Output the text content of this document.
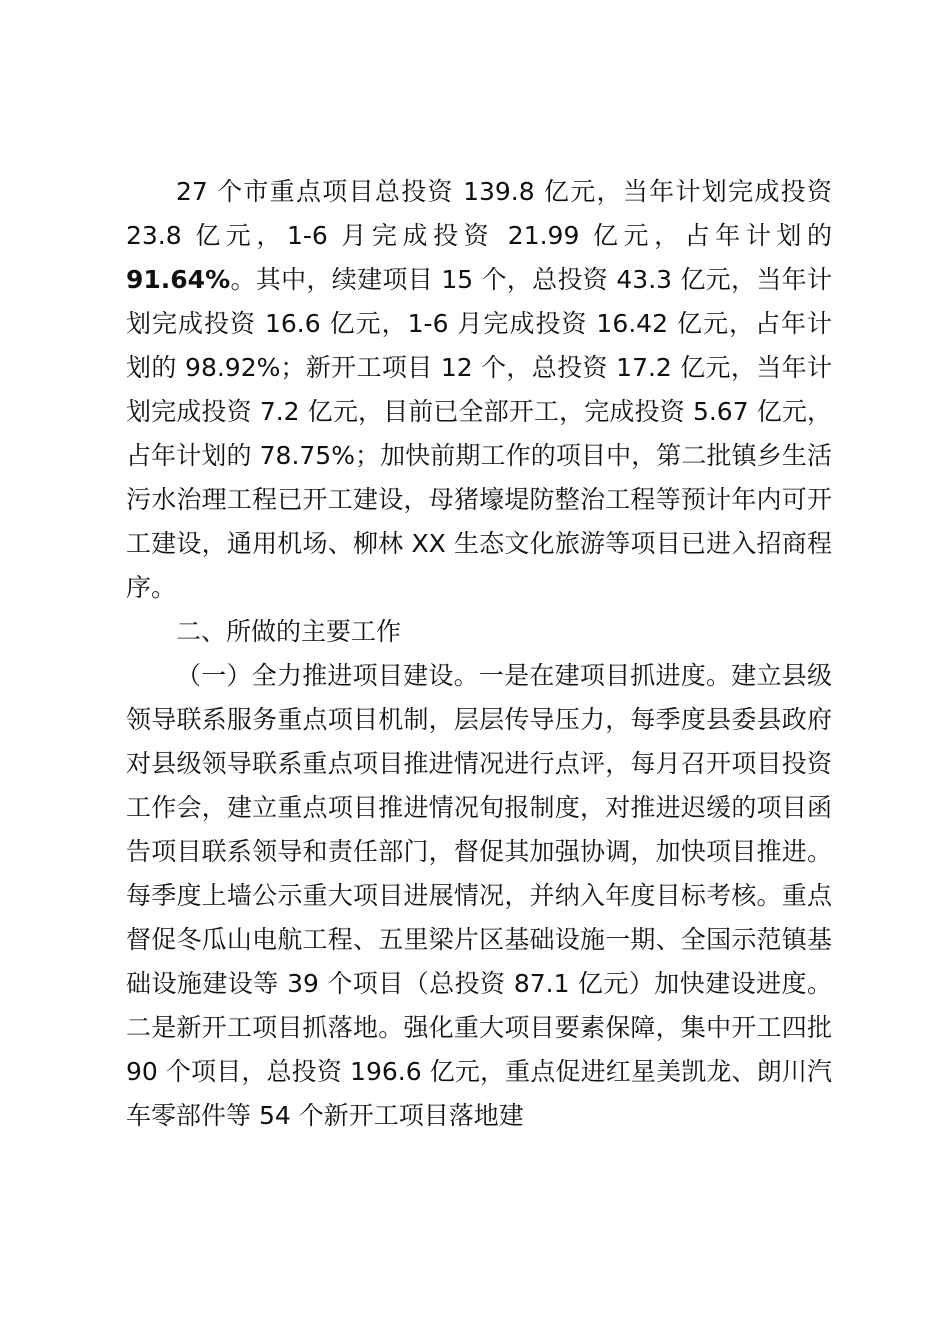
27 个市重点项目总投资 139.8 亿元，当年计划完成投资 23.8 亿元，1-6 月完成投资 21.99 亿元，占年计划的91.64%。其中，续建项目 15 个，总投资 43.3 亿元，当年计划完成投资 16.6 亿元，1-6 月完成投资 16.42 亿元，占年计划的 98.92%；新开工项目 12 个，总投资 17.2 亿元，当年计划完成投资 7.2 亿元，目前已全部开工，完成投资 5.67 亿元，占年计划的 78.75%；加快前期工作的项目中，第二批镇乡生活污水治理工程已开工建设，母猪壕堤防整治工程等预计年内可开工建设，通用机场、柳林 XX 生态文化旅游等项目已进入招商程序。

二、所做的主要工作

（一）全力推进项目建设。一是在建项目抓进度。建立县级领导联系服务重点项目机制，层层传导压力，每季度县委县政府对县级领导联系重点项目推进情况进行点评，每月召开项目投资工作会，建立重点项目推进情况旬报制度，对推进迟缓的项目函告项目联系领导和责任部门，督促其加强协调，加快项目推进。每季度上墙公示重大项目进展情况，并纳入年度目标考核。重点督促冬瓜山电航工程、五里梁片区基础设施一期、全国示范镇基础设施建设等 39 个项目（总投资 87.1 亿元）加快建设进度。二是新开工项目抓落地。强化重大项目要素保障，集中开工四批 90 个项目，总投资 196.6 亿元，重点促进红星美凯龙、朗川汽车零部件等 54 个新开工项目落地建
